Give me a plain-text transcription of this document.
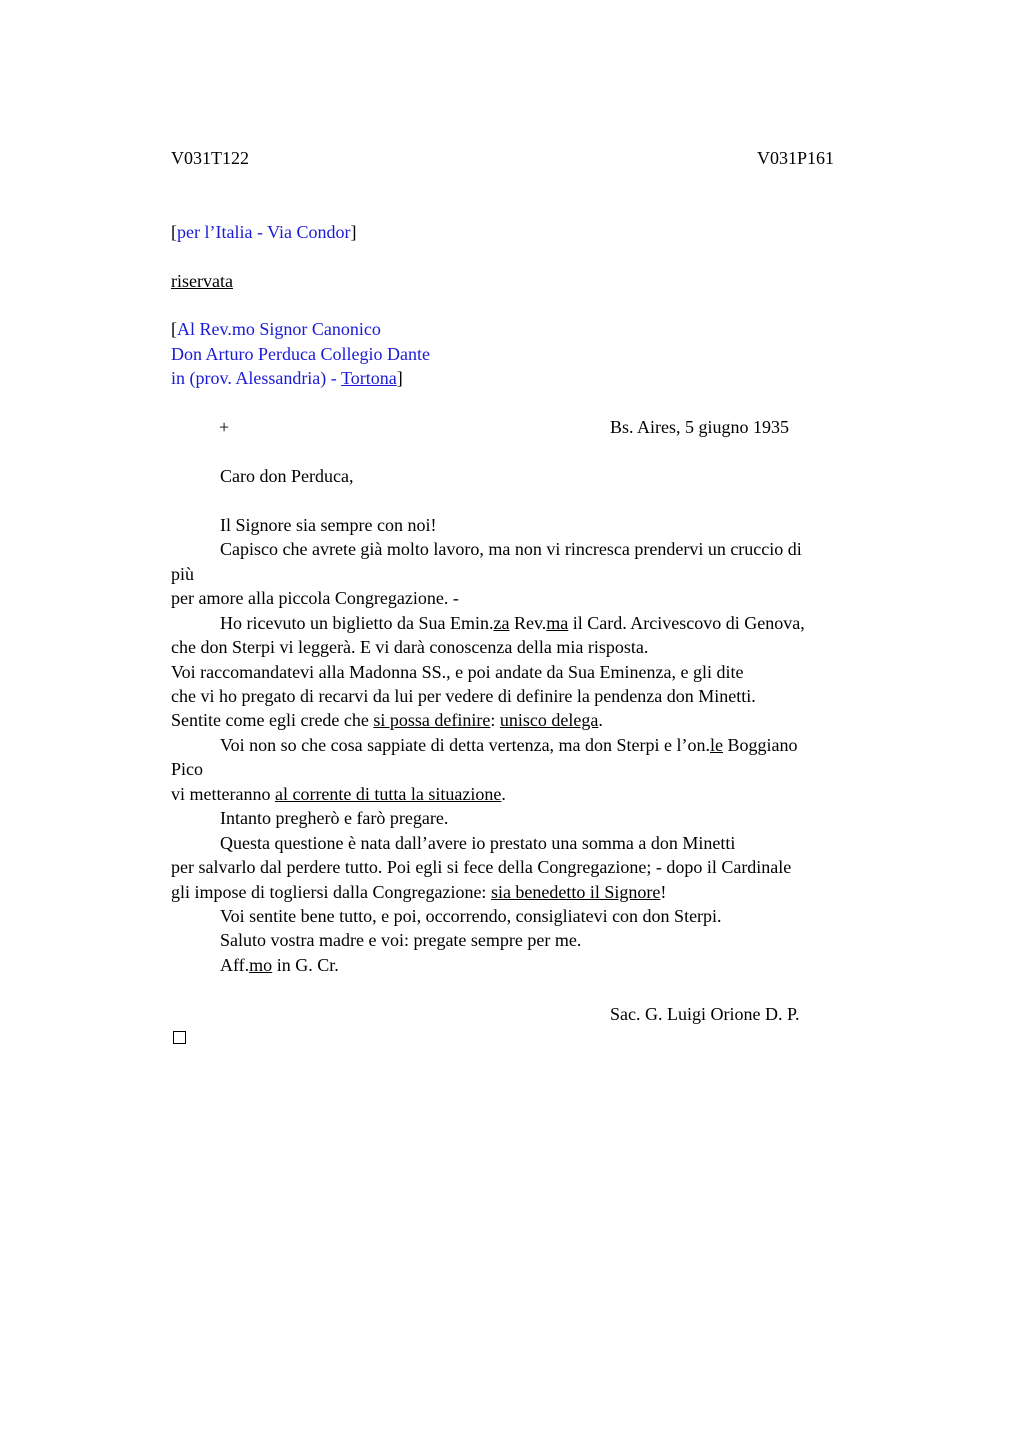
V031T122	V031P161
[per l’Italia - Via Condor]
riservata
[Al Rev.mo Signor Canonico
Don Arturo Perduca Collegio Dante
in (prov. Alessandria) - Tortona]
+	Bs. Aires, 5 giugno 1935
Caro don Perduca,
Il Signore sia sempre con noi!
Capisco che avrete già molto lavoro, ma non vi rincresca prendervi un cruccio di
più
per amore alla piccola Congregazione. -
Ho ricevuto un biglietto da Sua Emin.za Rev.ma il Card. Arcivescovo di Genova,
che don Sterpi vi leggerà. E vi darà conoscenza della mia risposta.
Voi raccomandatevi alla Madonna SS., e poi andate da Sua Eminenza, e gli dite
che vi ho pregato di recarvi da lui per vedere di definire la pendenza don Minetti.
Sentite come egli crede che si possa definire: unisco delega.
Voi non so che cosa sappiate di detta vertenza, ma don Sterpi e l’on.le Boggiano
Pico
vi metteranno al corrente di tutta la situazione.
Intanto pregherò e farò pregare.
Questa questione è nata dall’avere io prestato una somma a don Minetti
per salvarlo dal perdere tutto. Poi egli si fece della Congregazione; - dopo il Cardinale
gli impose di togliersi dalla Congregazione: sia benedetto il Signore!
Voi sentite bene tutto, e poi, occorrendo, consigliatevi con don Sterpi.
Saluto vostra madre e voi: pregate sempre per me.
Aff.mo in G. Cr.
Sac. G. Luigi Orione D. P.
